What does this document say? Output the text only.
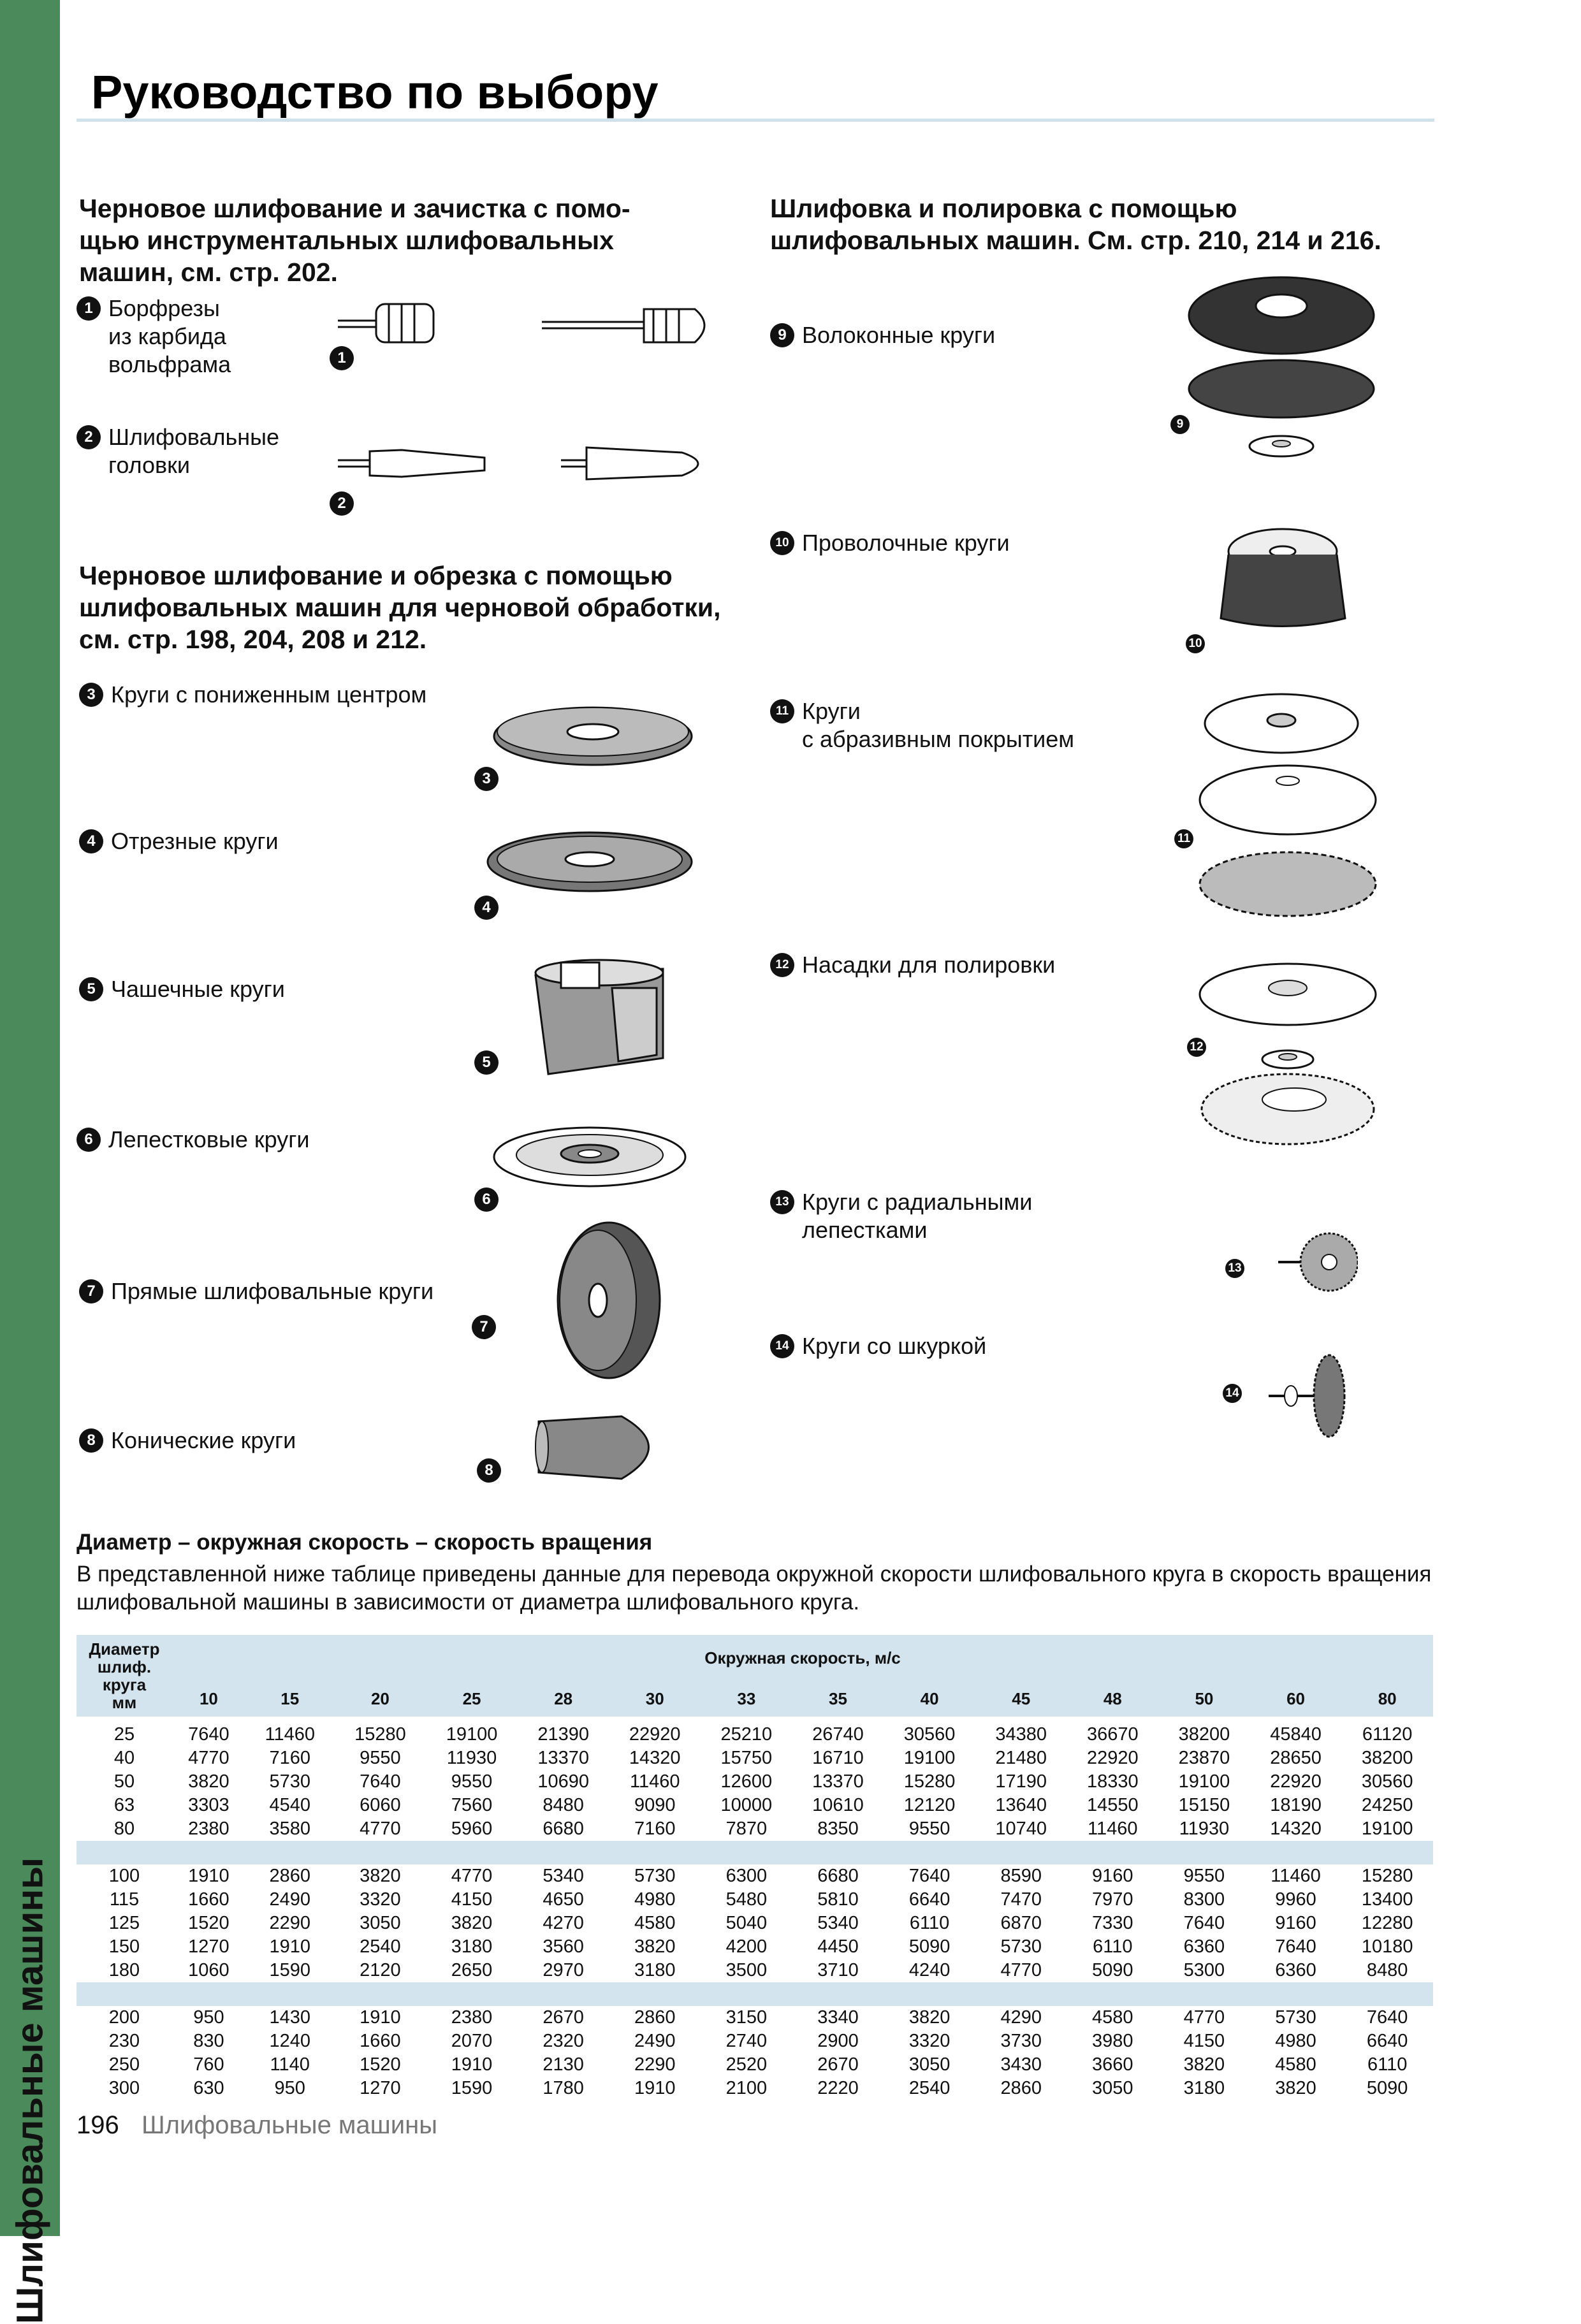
Шлифовальные машины
Руководство по выбору
Черновое шлифование и зачистка с помо-
щью инструментальных шлифовальных
машин, см. стр. 202.
Черновое шлифование и обрезка с помощью
шлифовальных машин для черновой обработки,
см. стр. 198, 204, 208 и 212.
Шлифовка и полировка с помощью
шлифовальных машин. См. стр. 210, 214 и 216.
1 Борфрезы
из карбида
вольфрама
2 Шлифовальные
головки
3 Круги с пониженным центром
4 Отрезные круги
5 Чашечные круги
6 Лепестковые круги
7 Прямые шлифовальные круги
8 Конические круги
9 Волоконные круги
10 Проволочные круги
11 Круги
с абразивным покрытием
12 Насадки для полировки
13 Круги с радиальными
лепестками
14 Круги со шкуркой
1
2
3
4
5
6
7
8
9
10
11
12
13
14
Диаметр – окружная скорость – скорость вращения
В представленной ниже таблице приведены данные для перевода окружной скорости шлифовального круга в скорость вращения шлифовальной машины в зависимости от диаметра шлифовального круга.
Диаметр шлиф.
круга
мм	Окружная скорость, м/с													
	10	15	20	25	28	30	33	35	40	45	48	50	60	80
25	7640	11460	15280	19100	21390	22920	25210	26740	30560	34380	36670	38200	45840	61120
40	4770	7160	9550	11930	13370	14320	15750	16710	19100	21480	22920	23870	28650	38200
50	3820	5730	7640	9550	10690	11460	12600	13370	15280	17190	18330	19100	22920	30560
63	3303	4540	6060	7560	8480	9090	10000	10610	12120	13640	14550	15150	18190	24250
80	2380	3580	4770	5960	6680	7160	7870	8350	9550	10740	11460	11930	14320	19100

100	1910	2860	3820	4770	5340	5730	6300	6680	7640	8590	9160	9550	11460	15280
115	1660	2490	3320	4150	4650	4980	5480	5810	6640	7470	7970	8300	9960	13400
125	1520	2290	3050	3820	4270	4580	5040	5340	6110	6870	7330	7640	9160	12280
150	1270	1910	2540	3180	3560	3820	4200	4450	5090	5730	6110	6360	7640	10180
180	1060	1590	2120	2650	2970	3180	3500	3710	4240	4770	5090	5300	6360	8480

200	950	1430	1910	2380	2670	2860	3150	3340	3820	4290	4580	4770	5730	7640
230	830	1240	1660	2070	2320	2490	2740	2900	3320	3730	3980	4150	4980	6640
250	760	1140	1520	1910	2130	2290	2520	2670	3050	3430	3660	3820	4580	6110
300	630	950	1270	1590	1780	1910	2100	2220	2540	2860	3050	3180	3820	5090
196 Шлифовальные машины
